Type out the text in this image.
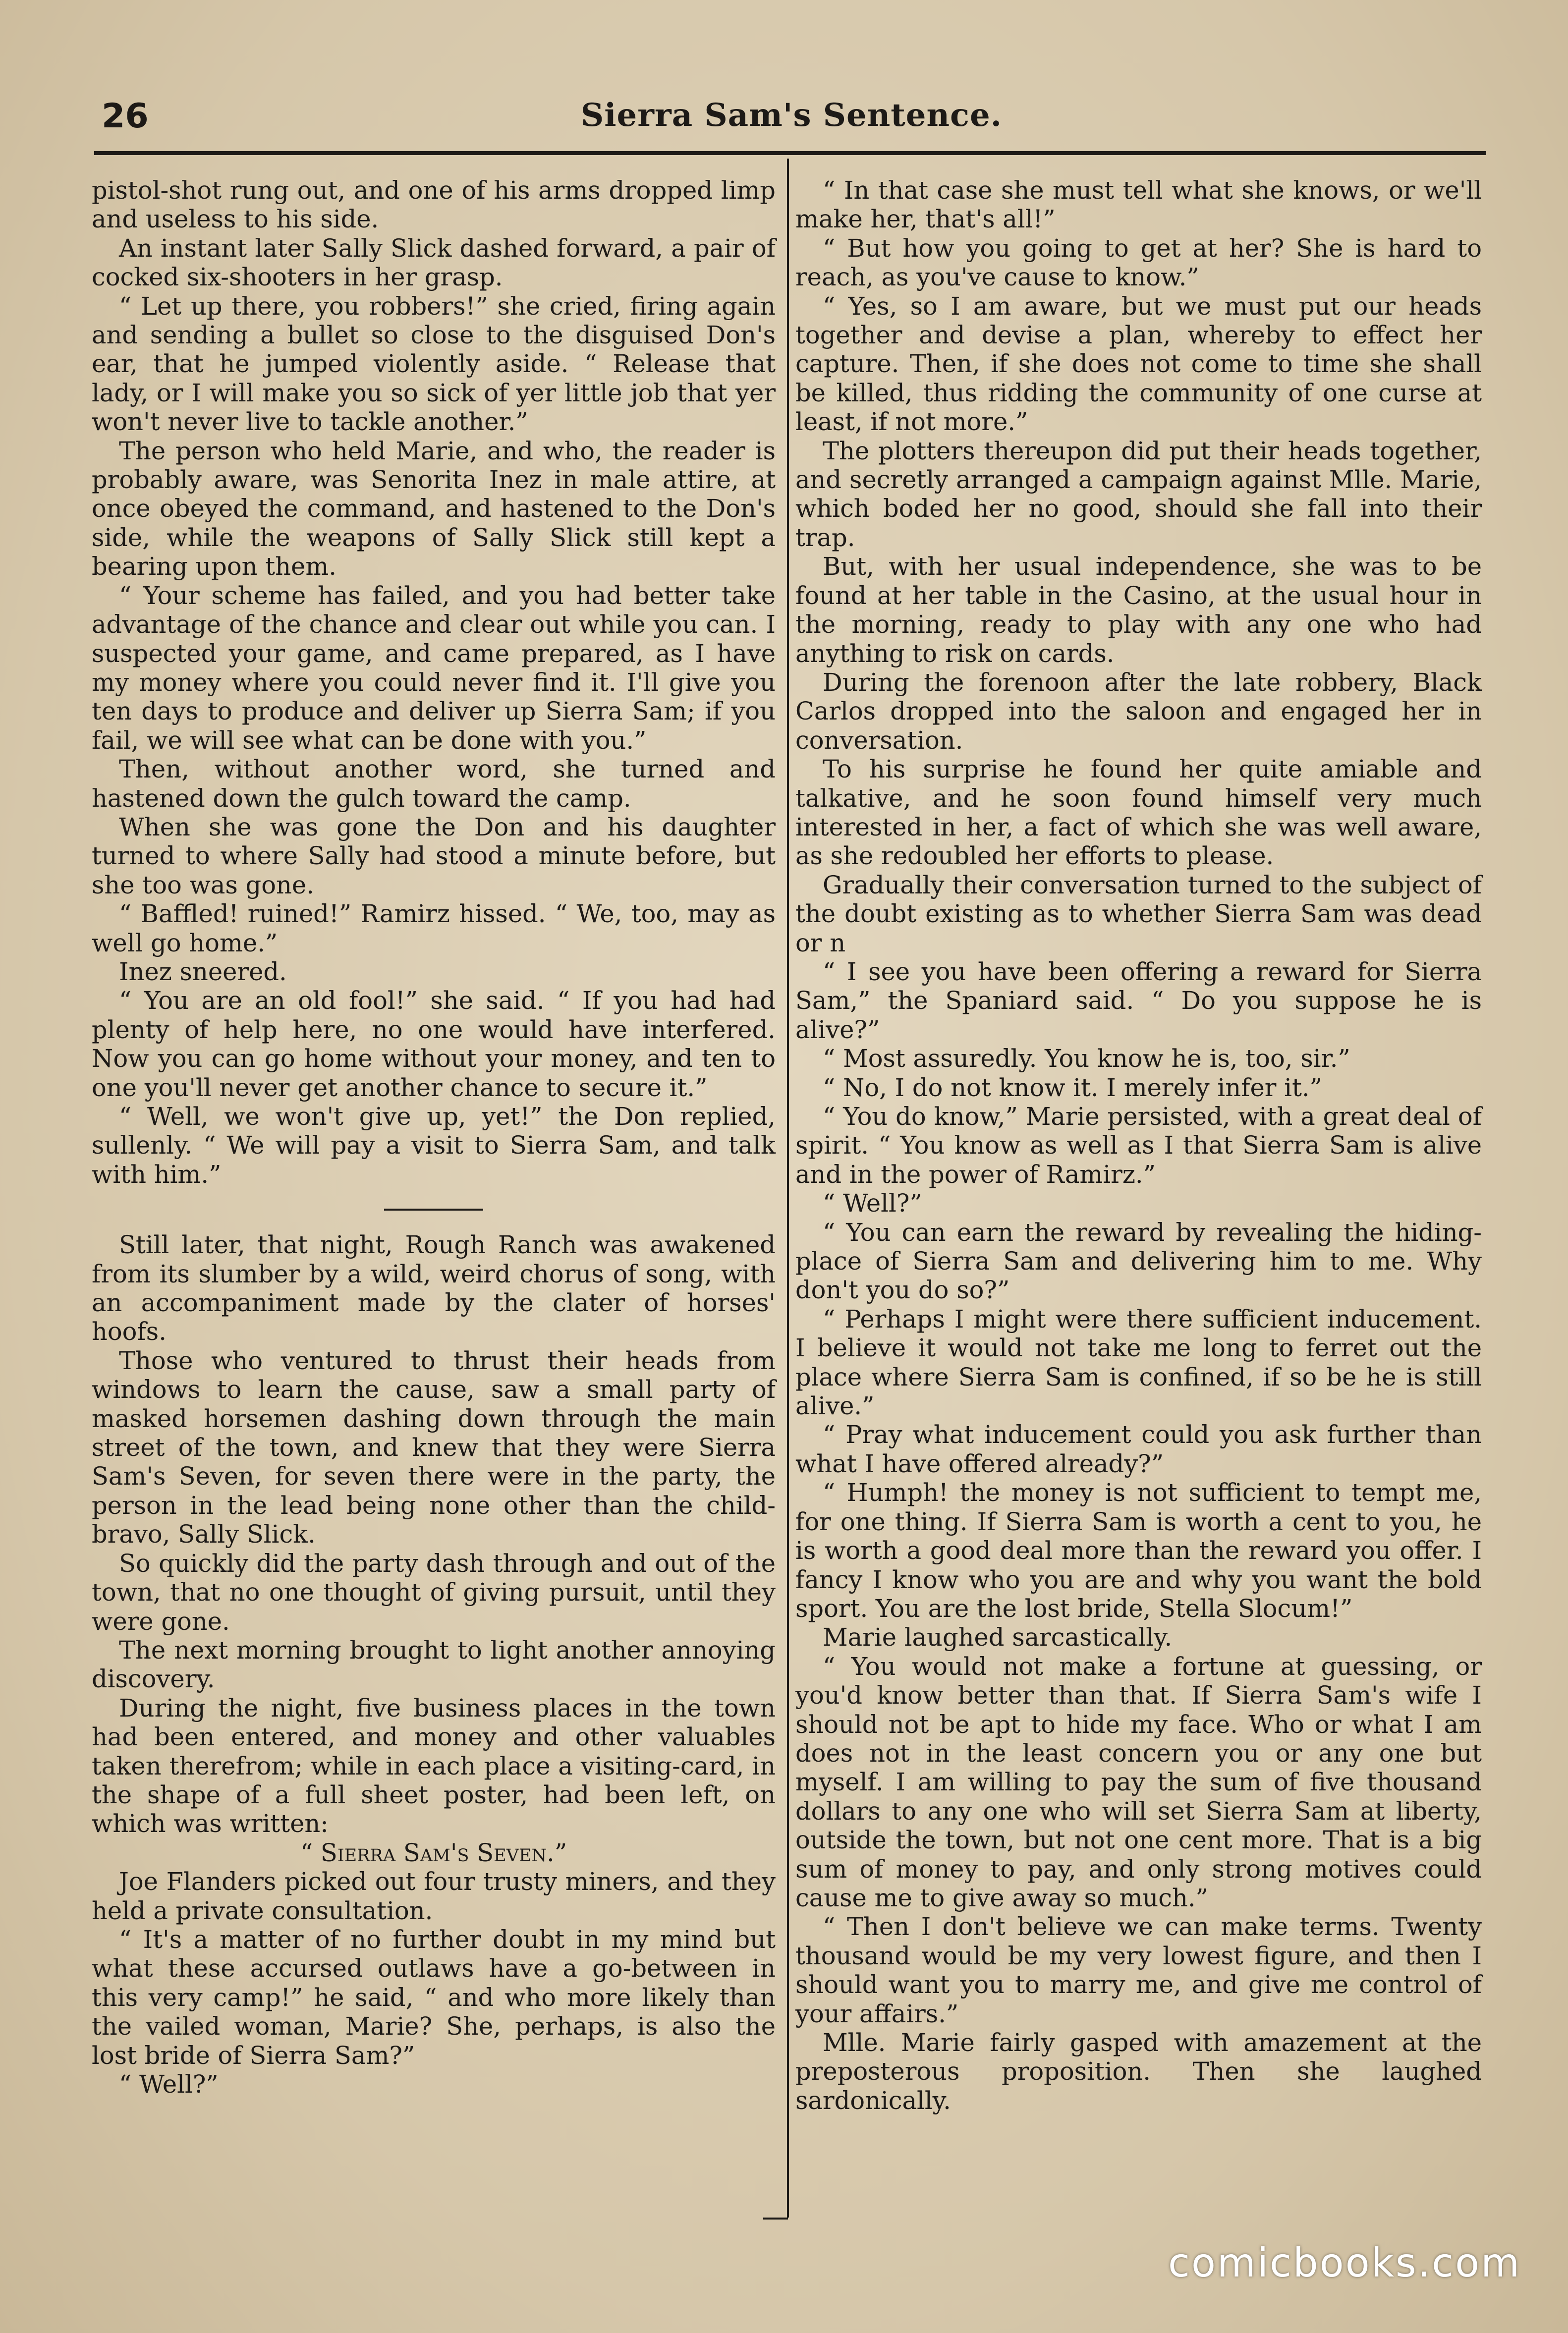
26	Sierra Sam's Sentence.

pistol-shot rung out, and one of his arms dropped limp and useless to his side.

An instant later Sally Slick dashed forward, a pair of cocked six-shooters in her grasp.

“ Let up there, you robbers!” she cried, firing again and sending a bullet so close to the disguised Don's ear, that he jumped violently aside. “ Release that lady, or I will make you so sick of yer little job that yer won't never live to tackle another.”

The person who held Marie, and who, the reader is probably aware, was Senorita Inez in male attire, at once obeyed the command, and hastened to the Don's side, while the weapons of Sally Slick still kept a bearing upon them.

“ Your scheme has failed, and you had better take advantage of the chance and clear out while you can. I suspected your game, and came prepared, as I have my money where you could never find it. I'll give you ten days to produce and deliver up Sierra Sam; if you fail, we will see what can be done with you.”

Then, without another word, she turned and hastened down the gulch toward the camp.

When she was gone the Don and his daughter turned to where Sally had stood a minute before, but she too was gone.

“ Baffled! ruined!” Ramirz hissed. “ We, too, may as well go home.”

Inez sneered.

“ You are an old fool!” she said. “ If you had had plenty of help here, no one would have interfered. Now you can go home without your money, and ten to one you'll never get another chance to secure it.”

“ Well, we won't give up, yet!” the Don replied, sullenly. “ We will pay a visit to Sierra Sam, and talk with him.”

Still later, that night, Rough Ranch was awakened from its slumber by a wild, weird chorus of song, with an accompaniment made by the clater of horses' hoofs.

Those who ventured to thrust their heads from windows to learn the cause, saw a small party of masked horsemen dashing down through the main street of the town, and knew that they were Sierra Sam's Seven, for seven there were in the party, the person in the lead being none other than the child-bravo, Sally Slick.

So quickly did the party dash through and out of the town, that no one thought of giving pursuit, until they were gone.

The next morning brought to light another annoying discovery.

During the night, five business places in the town had been entered, and money and other valuables taken therefrom; while in each place a visiting-card, in the shape of a full sheet poster, had been left, on which was written:

“ Sierra Sam's Seven.”

Joe Flanders picked out four trusty miners, and they held a private consultation.

“ It's a matter of no further doubt in my mind but what these accursed outlaws have a go-between in this very camp!” he said, “ and who more likely than the vailed woman, Marie? She, perhaps, is also the lost bride of Sierra Sam?”

“ Well?”

“ In that case she must tell what she knows, or we'll make her, that's all!”

“ But how you going to get at her? She is hard to reach, as you've cause to know.”

“ Yes, so I am aware, but we must put our heads together and devise a plan, whereby to effect her capture. Then, if she does not come to time she shall be killed, thus ridding the community of one curse at least, if not more.”

The plotters thereupon did put their heads together, and secretly arranged a campaign against Mlle. Marie, which boded her no good, should she fall into their trap.

But, with her usual independence, she was to be found at her table in the Casino, at the usual hour in the morning, ready to play with any one who had anything to risk on cards.

During the forenoon after the late robbery, Black Carlos dropped into the saloon and engaged her in conversation.

To his surprise he found her quite amiable and talkative, and he soon found himself very much interested in her, a fact of which she was well aware, as she redoubled her efforts to please.

Gradually their conversation turned to the subject of the doubt existing as to whether Sierra Sam was dead or n

“ I see you have been offering a reward for Sierra Sam,” the Spaniard said. “ Do you suppose he is alive?”

“ Most assuredly. You know he is, too, sir.”

“ No, I do not know it. I merely infer it.”

“ You do know,” Marie persisted, with a great deal of spirit. “ You know as well as I that Sierra Sam is alive and in the power of Ramirz.”

“ Well?”

“ You can earn the reward by revealing the hiding-place of Sierra Sam and delivering him to me. Why don't you do so?”

“ Perhaps I might were there sufficient inducement. I believe it would not take me long to ferret out the place where Sierra Sam is confined, if so be he is still alive.”

“ Pray what inducement could you ask further than what I have offered already?”

“ Humph! the money is not sufficient to tempt me, for one thing. If Sierra Sam is worth a cent to you, he is worth a good deal more than the reward you offer. I fancy I know who you are and why you want the bold sport. You are the lost bride, Stella Slocum!”

Marie laughed sarcastically.

“ You would not make a fortune at guessing, or you'd know better than that. If Sierra Sam's wife I should not be apt to hide my face. Who or what I am does not in the least concern you or any one but myself. I am willing to pay the sum of five thousand dollars to any one who will set Sierra Sam at liberty, outside the town, but not one cent more. That is a big sum of money to pay, and only strong motives could cause me to give away so much.”

“ Then I don't believe we can make terms. Twenty thousand would be my very lowest figure, and then I should want you to marry me, and give me control of your affairs.”

Mlle. Marie fairly gasped with amazement at the preposterous proposition. Then she laughed sardonically.

comicbooks.com
